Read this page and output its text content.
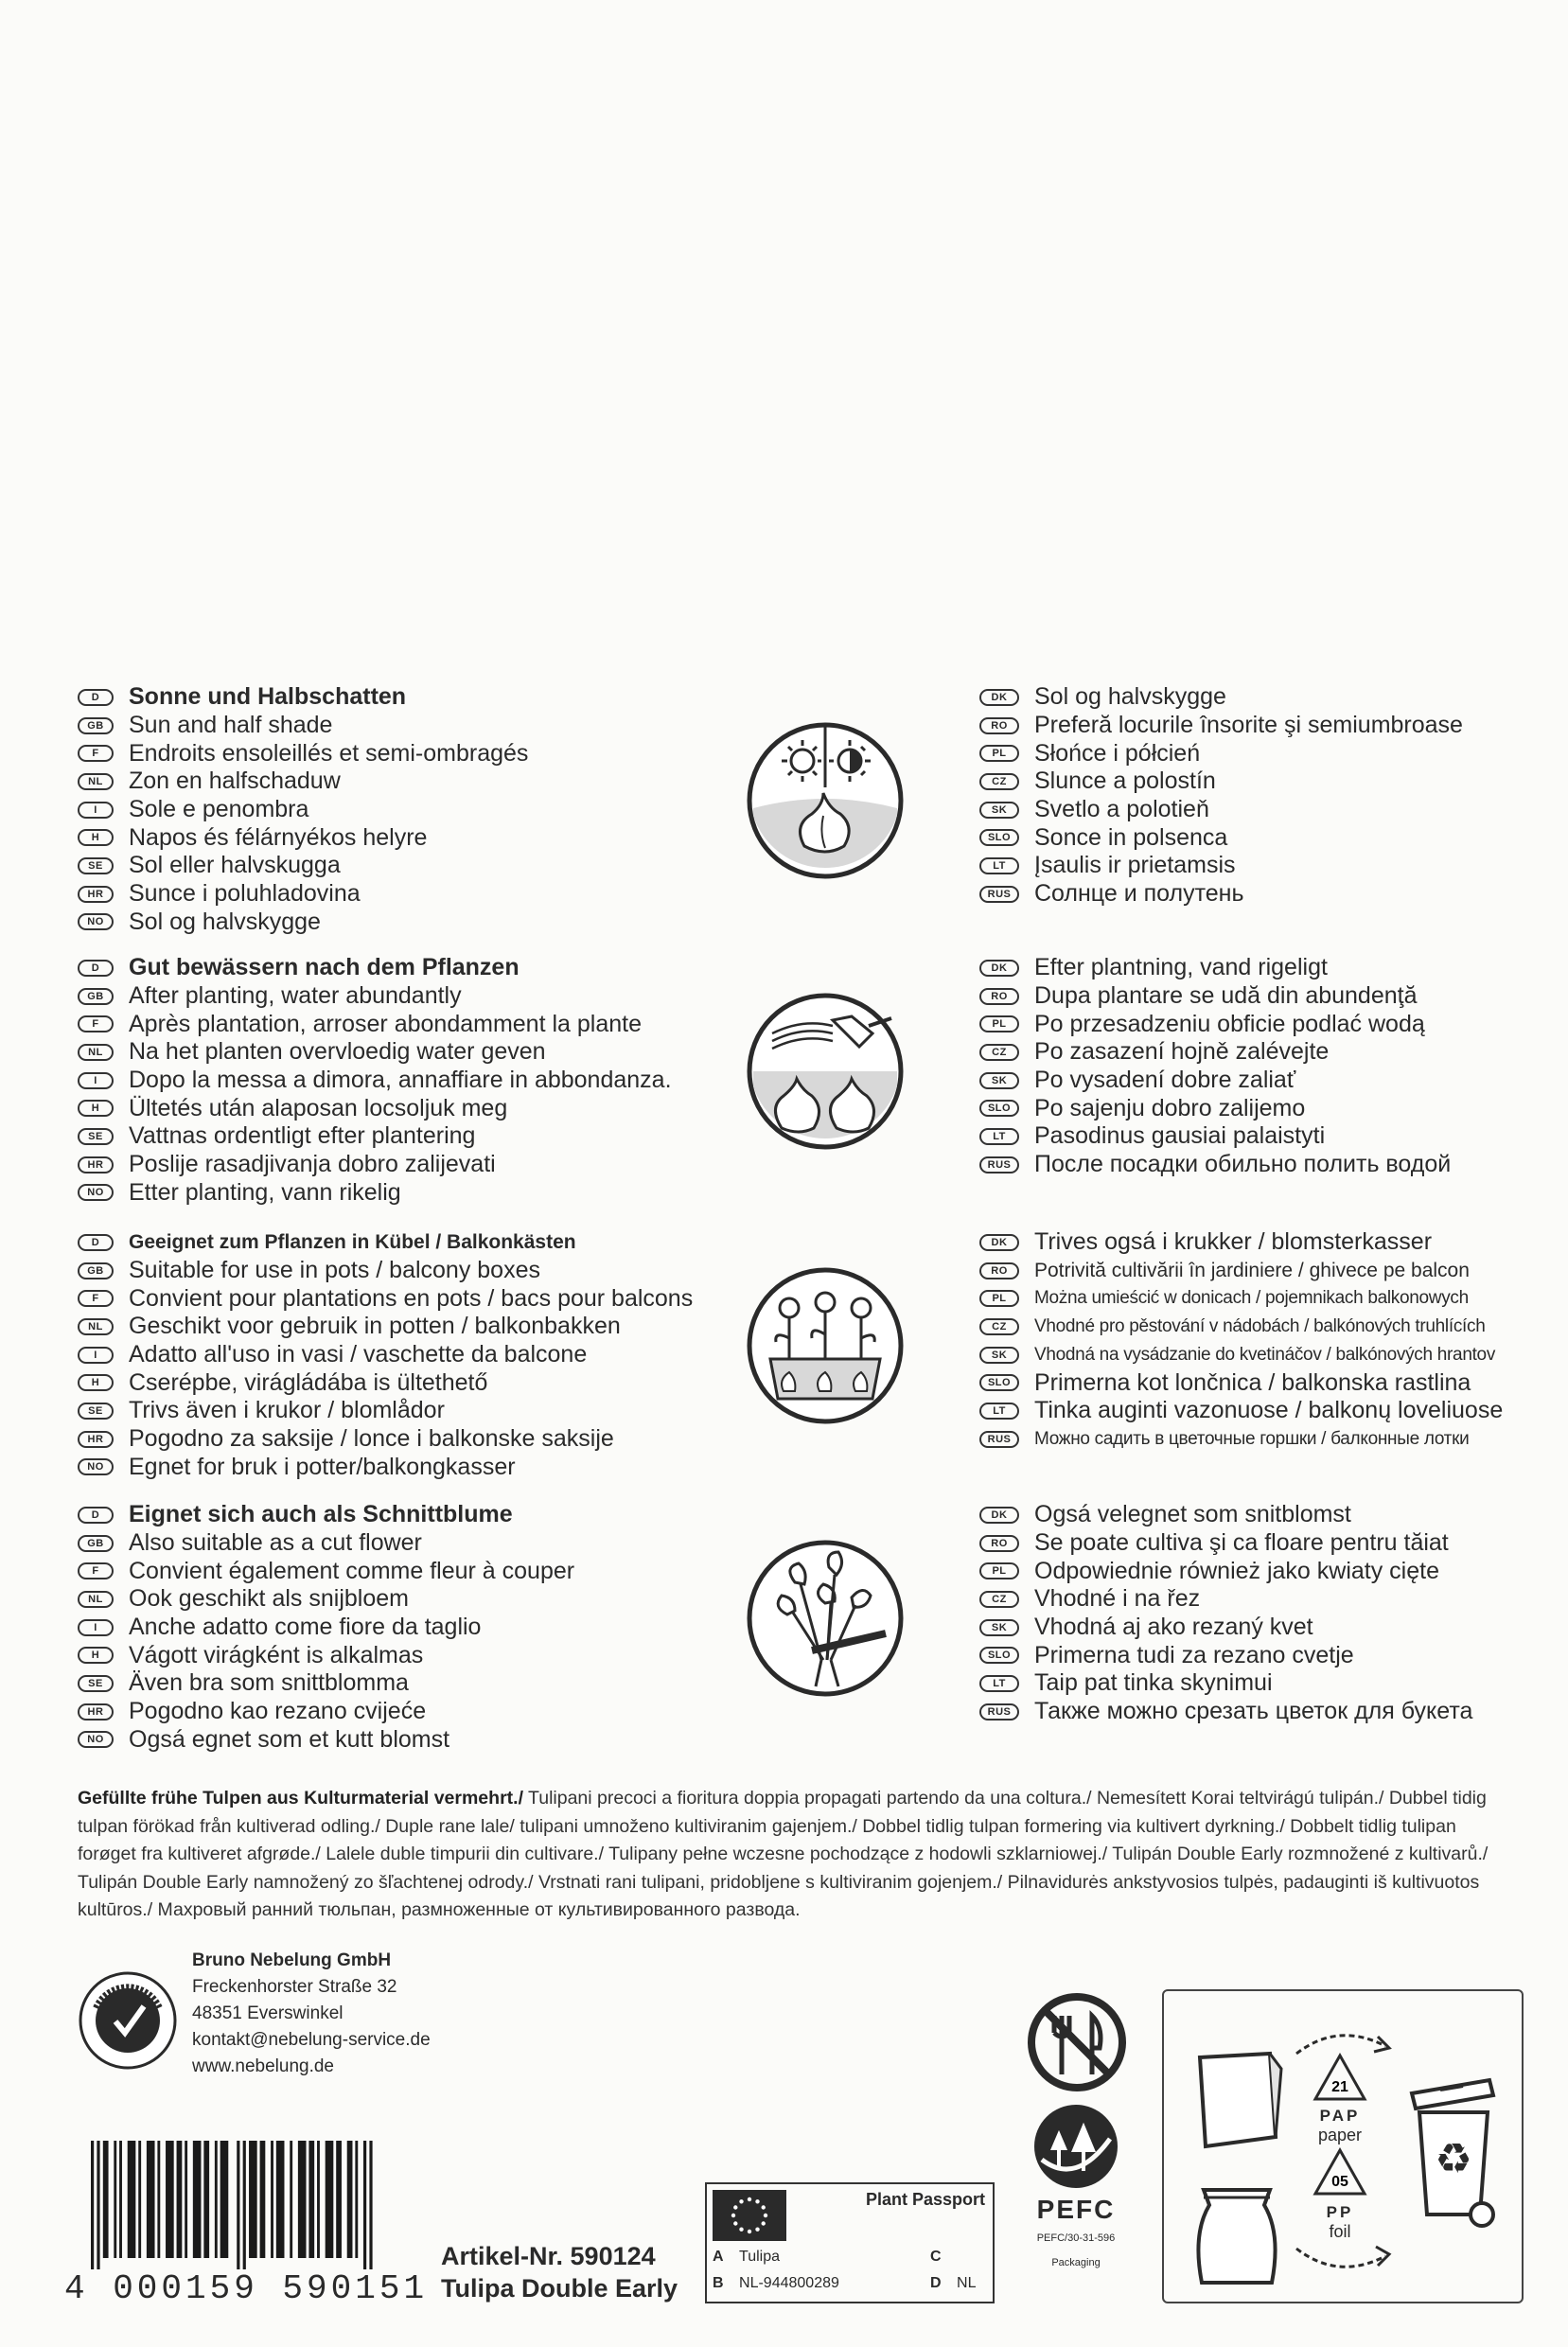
D	Sonne und Halbschatten
GB	Sun and half shade
F	Endroits ensoleillés et semi-ombragés
NL	Zon en halfschaduw
I	Sole e penombra
H	Napos és félárnyékos helyre
SE	Sol eller halvskugga
HR	Sunce i poluhladovina
NO	Sol og halvskygge
D	Gut bewässern nach dem Pflanzen
GB	After planting, water abundantly
F	Après plantation, arroser abondamment la plante
NL	Na het planten overvloedig water geven
I	Dopo la messa a dimora, annaffiare in abbondanza.
H	Ültetés után alaposan locsoljuk meg
SE	Vattnas ordentligt efter plantering
HR	Poslije rasadjivanja dobro zalijevati
NO	Etter planting, vann rikelig
D	Geeignet zum Pflanzen in Kübel / Balkonkästen
GB	Suitable for use in pots / balcony boxes
F	Convient pour plantations en pots / bacs pour balcons
NL	Geschikt voor gebruik in potten / balkonbakken
I	Adatto all'uso in vasi / vaschette da balcone
H	Cserépbe, virágládába is ültethető
SE	Trivs även i krukor / blomlådor
HR	Pogodno za saksije / lonce i balkonske saksije
NO	Egnet for bruk i potter/balkongkasser
D	Eignet sich auch als Schnittblume
GB	Also suitable as a cut flower
F	Convient également comme fleur à couper
NL	Ook geschikt als snijbloem
I	Anche adatto come fiore da taglio
H	Vágott virágként is alkalmas
SE	Även bra som snittblomma
HR	Pogodno kao rezano cvijeće
NO	Ogsá egnet som et kutt blomst
DK	Sol og halvskygge
RO	Preferă locurile însorite şi semiumbroase
PL	Słońce i półcień
CZ	Slunce a polostín
SK	Svetlo a polotieň
SLO Sonce in polsenca
LT	Įsaulis ir prietamsis
RUS Солнце и полутень
DK	Efter plantning, vand rigeligt
RO	Dupa plantare se udă din abundenţă
PL	Po przesadzeniu obficie podlać wodą
CZ	Po zasazení hojně zalévejte
SK	Po vysadení dobre zaliať
SLO Po sajenju dobro zalijemo
LT	Pasodinus gausiai palaistyti
RUS После посадки обильно полить водой
DK	Trives ogsá i krukker / blomsterkasser
RO	Potrivită cultivării în jardiniere / ghivece pe balcon
PL	Można umieścić w donicach / pojemnikach balkonowych
CZ	Vhodné pro pěstování v nádobách / balkónových truhlících
SK	Vhodná na vysádzanie do kvetináčov / balkónových hrantov
SLO Primerna kot lončnica / balkonska rastlina
LT	Tinka auginti vazonuose / balkonų loveliuose
RUS	Можно садить в цветочные горшки / балконные лотки
DK	Ogsá velegnet som snitblomst
RO	Se poate cultiva şi ca floare pentru tăiat
PL	Odpowiednie również jako kwiaty cięte
CZ	Vhodné i na řez
SK	Vhodná aj ako rezaný kvet
SLO Primerna tudi za rezano cvetje
LT	Taip pat tinka skynimui
RUS Также можно срезать цветок для букета
Gefüllte frühe Tulpen aus Kulturmaterial vermehrt./ Tulipani precoci a fioritura doppia propagati partendo da una coltura./ Nemesített Korai teltvirágú tulipán./ Dubbel tidig tulpan förökad från kultiverad odling./ Duple rane lale/ tulipani umnoženo kultiviranim gajenjem./ Dobbel tidlig tulpan formering via kultivert dyrkning./ Dobbelt tidlig tulipan forøget fra kultiveret afgrøde./ Lalele duble timpurii din cultivare./ Tulipany pełne wczesne pochodzące z hodowli szklarniowej./ Tulipán Double Early rozmnožené z kultivarů./ Tulipán Double Early namnožený zo šľachtenej odrody./ Vrstnati rani tulipani, pridobljene s kultiviranim gojenjem./ Pilnavidurės ankstyvosios tulpės, padauginti iš kultivuotos kultūros./ Махровый ранний тюльпан, размноженные от культивированного развода.
Bruno Nebelung GmbH
Freckenhorster Straße 32
48351 Everswinkel
kontakt@nebelung-service.de
www.nebelung.de
4 000159 590151
Artikel-Nr. 590124
Tulipa Double Early
Plant Passport
A Tulipa
B NL-944800289
C
D NL
PEFC
PEFC/30-31-596
Packaging
21
PAP
paper
05
PP
foil
♻
